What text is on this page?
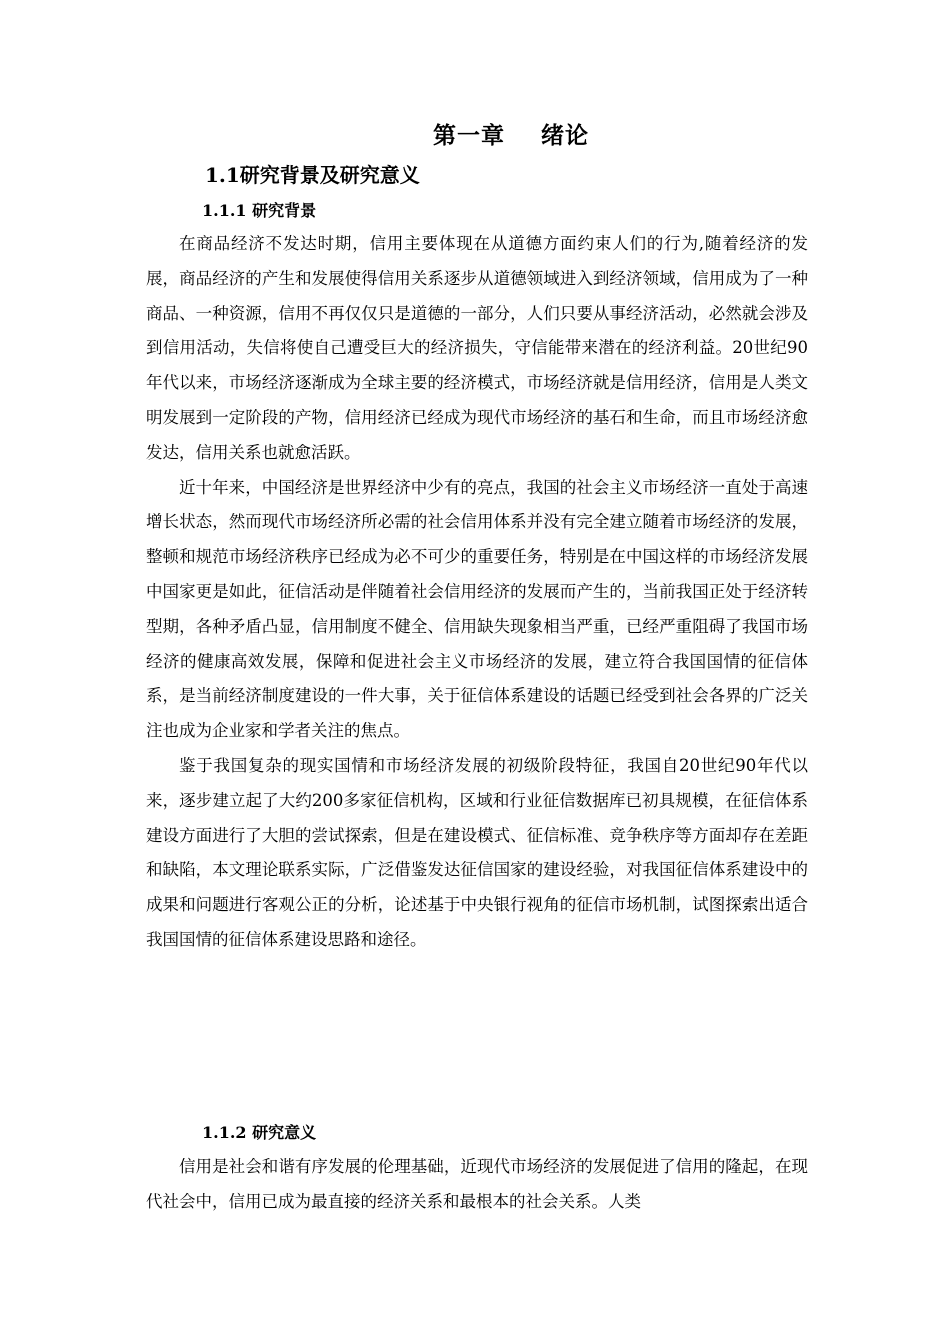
第一章    绪论
1.1研究背景及研究意义
1.1.1 研究背景

在商品经济不发达时期，信用主要体现在从道德方面约束人们的行为,随着经济的发展，商品经济的产生和发展使得信用关系逐步从道德领域进入到经济领域，信用成为了一种商品、一种资源，信用不再仅仅只是道德的一部分，人们只要从事经济活动，必然就会涉及到信用活动，失信将使自己遭受巨大的经济损失，守信能带来潜在的经济利益。20世纪90年代以来，市场经济逐渐成为全球主要的经济模式，市场经济就是信用经济，信用是人类文明发展到一定阶段的产物，信用经济已经成为现代市场经济的基石和生命，而且市场经济愈发达，信用关系也就愈活跃。

近十年来，中国经济是世界经济中少有的亮点，我国的社会主义市场经济一直处于高速增长状态，然而现代市场经济所必需的社会信用体系并没有完全建立随着市场经济的发展，整顿和规范市场经济秩序已经成为必不可少的重要任务，特别是在中国这样的市场经济发展中国家更是如此，征信活动是伴随着社会信用经济的发展而产生的，当前我国正处于经济转型期，各种矛盾凸显，信用制度不健全、信用缺失现象相当严重，已经严重阻碍了我国市场经济的健康高效发展，保障和促进社会主义市场经济的发展，建立符合我国国情的征信体系，是当前经济制度建设的一件大事，关于征信体系建设的话题已经受到社会各界的广泛关注也成为企业家和学者关注的焦点。

鉴于我国复杂的现实国情和市场经济发展的初级阶段特征，我国自20世纪90年代以来，逐步建立起了大约200多家征信机构，区域和行业征信数据库已初具规模，在征信体系建设方面进行了大胆的尝试探索，但是在建设模式、征信标准、竞争秩序等方面却存在差距和缺陷，本文理论联系实际，广泛借鉴发达征信国家的建设经验，对我国征信体系建设中的成果和问题进行客观公正的分析，论述基于中央银行视角的征信市场机制，试图探索出适合我国国情的征信体系建设思路和途径。

1.1.2 研究意义

信用是社会和谐有序发展的伦理基础，近现代市场经济的发展促进了信用的隆起，在现代社会中，信用已成为最直接的经济关系和最根本的社会关系。人类
